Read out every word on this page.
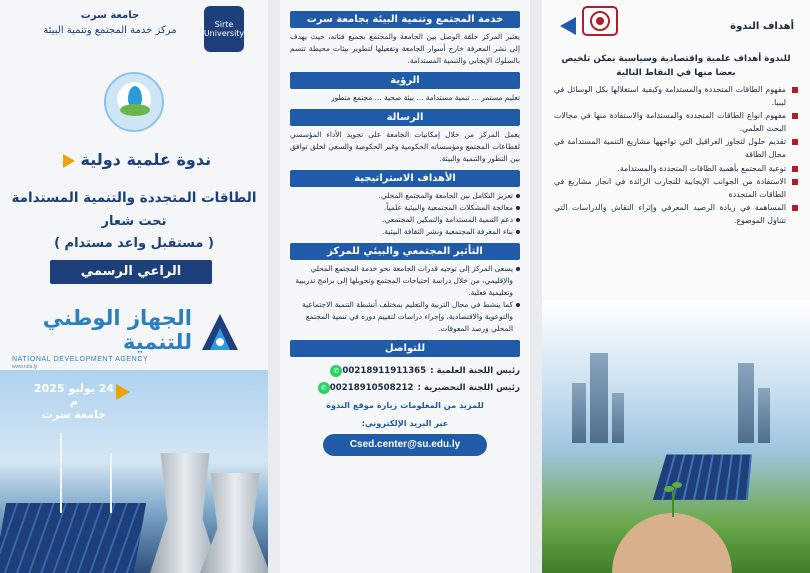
جامعة سرت
مركز خدمة المجتمع وتنمية البيئة
Sirte University
ندوة علمية دولية
الطاقات المتجددة والتنمية المستدامة
تحت شعار
( مستقبل واعد مستدام )
الراعي الرسمي
الجهاز الوطني للتنمية
NATIONAL DEVELOPMENT AGENCY
www.nda.ly
24 يوليو 2025 م
جامعة سرت
خدمة المجتمع وتنمية البيئة بجامعة سرت

يعتبر المركز حلقة الوصل بين الجامعة والمجتمع بجميع فئاته، حيث يهدف إلى نشر المعرفة خارج أسوار الجامعة وتفعيلها لتطوير بيئات محيطة تتسم بالسلوك الإيجابي والتنمية المستدامة.

الرؤية

تعليم مستمر ... تنمية مستدامة ... بيئة صحية ... مجتمع متطور

الرسالة

يعمل المركز من خلال إمكانيات الجامعة على تجويد الأداء المؤسسي لقطاعات المجتمع ومؤسساته الحكومية وغير الحكومية والسعي لخلق توافق بين التطور والتنمية والبيئة.

الأهداف الاستراتيجية
تعزيز التكامل بين الجامعة والمجتمع المحلي.
معالجة المشكلات المجتمعية والبيئية علمياً.
دعم التنمية المستدامة والتمكين المجتمعي.
بناء المعرفة المجتمعية ونشر الثقافة البيئية.
التأثير المجتمعي والبيئي للمركز
يسعى المركز إلى توجيه قدرات الجامعة نحو خدمة المجتمع المحلي والإقليمي، من خلال دراسة احتياجات المجتمع وتحويلها إلى برامج تدريبية وتعليمية فعلية.
كما ينشط في مجال التربية والتعليم بمختلف أنشطة التنمية الاجتماعية والتوعوية والاقتصادية، وإجراء دراسات لتقييم دوره في تنمية المجتمع المحلي ورصد المعوقات.
للتواصل
رئيس اللجنة العلمية :
00218911911365
✆
رئيس اللجنة التحضيرية :
00218910508212
✆
للمزيد من المعلومات زيارة موقع الندوة
عبر البريد الإلكتروني:
Csed.center@su.edu.ly
أهداف الندوة

للندوة أهداف علمية واقتصادية وسياسية يمكن تلخيص بعضا منها في النقاط التالية

مفهوم الطاقات المتجددة والمستدامة وكيفية استغلالها بكل الوسائل في ليبيا.
مفهوم انواع الطاقات المتجددة والمستدامة والاستفادة منها في مجالات البحث العلمي.
تقديم حلول لتجاوز العراقيل التي تواجهها مشاريع التنمية المستدامة في مجال الطاقة
توعية المجتمع بأهمية الطاقات المتجددة والمستدامة.
الاستفادة من الجوانب الإيجابية للتجارب الرائدة في انجاز مشاريع في الطاقات المتجددة
المساهمة في زيادة الرصيد المعرفي وإثراء النقاش والدراسات التي تتناول الموضوع.
